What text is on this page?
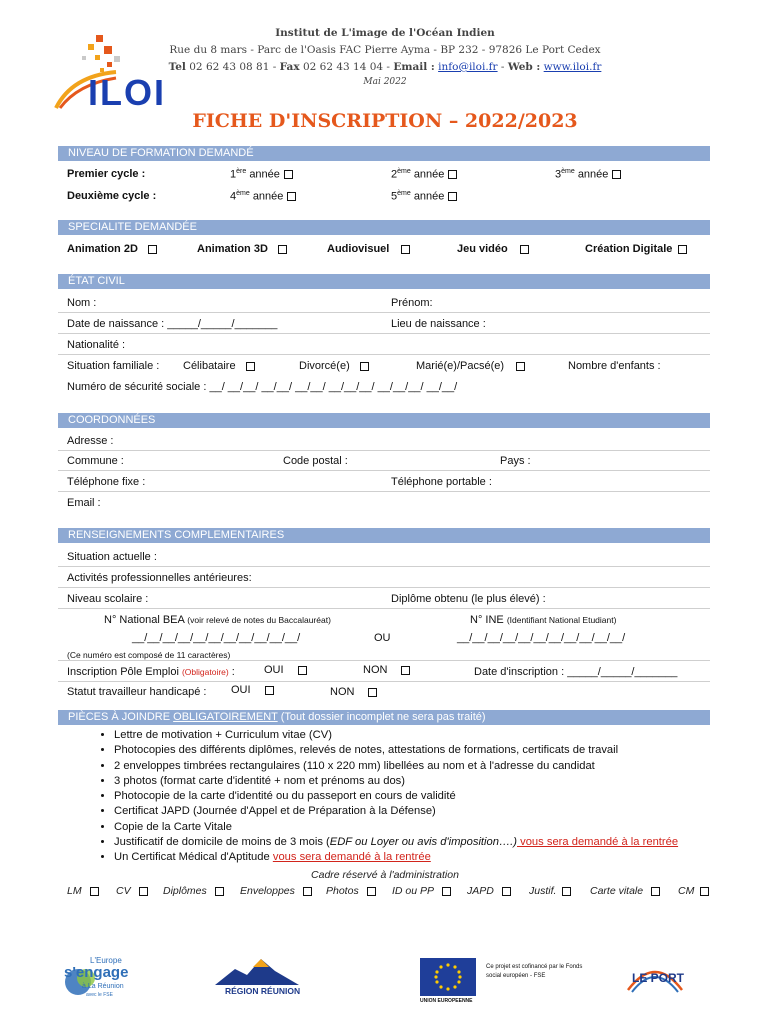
ILOI
Institut de L'image de l'Océan Indien
Rue du 8 mars - Parc de l'Oasis FAC Pierre Ayma - BP 232 - 97826 Le Port Cedex
Tel 02 62 43 08 81 - Fax 02 62 43 14 04 - Email : info@iloi.fr - Web : www.iloi.fr
Mai 2022
FICHE D'INSCRIPTION – 2022/2023
NIVEAU DE FORMATION DEMANDÉ
Premier cycle :	1ère année	2ème année	3ème année
Deuxième cycle :	4ème année	5ème année
SPECIALITE DEMANDÉE
Animation 2D	Animation 3D	Audiovisuel	Jeu vidéo	Création Digitale
ÉTAT CIVIL
Nom :	Prénom:
Date de naissance : _____/_____/_______	Lieu de naissance :
Nationalité :
Situation familiale : Célibataire	Divorcé(e)	Marié(e)/Pacsé(e)	Nombre d'enfants :
Numéro de sécurité sociale : __/ __/__/ __/__/ __/__/ __/__/__/ __/__/__/ __/__/
COORDONNÉES
Adresse :
Commune :	Code postal :	Pays :
Téléphone fixe :	Téléphone portable :
Email :
RENSEIGNEMENTS COMPLEMENTAIRES
Situation actuelle :
Activités professionnelles antérieures:
Niveau scolaire :	Diplôme obtenu (le plus élevé) :
N° National BEA (voir relevé de notes du Baccalauréat)	N° INE (Identifiant National Etudiant)
__/__/__/__/__/__/__/__/__/__/__/	OU	__/__/__/__/__/__/__/__/__/__/__/
(Ce numéro est composé de 11 caractères)
Inscription Pôle Emploi (Obligatoire) :	OUI	NON	Date d'inscription : _____/_____/_______
Statut travailleur handicapé : OUI	NON
PIÈCES À JOINDRE OBLIGATOIREMENT (Tout dossier incomplet ne sera pas traité)
• Lettre de motivation + Curriculum vitae (CV)
• Photocopies des différents diplômes, relevés de notes, attestations de formations, certificats de travail
• 2 enveloppes timbrées rectangulaires (110 x 220 mm) libellées au nom et à l'adresse du candidat
• 3 photos (format carte d'identité + nom et prénoms au dos)
• Photocopie de la carte d'identité ou du passeport en cours de validité
• Certificat JAPD (Journée d'Appel et de Préparation à la Défense)
• Copie de la Carte Vitale
• Justificatif de domicile de moins de 3 mois (EDF ou Loyer ou avis d'imposition….) vous sera demandé à la rentrée
• Un Certificat Médical d'Aptitude vous sera demandé à la rentrée
Cadre réservé à l'administration
LM	CV	Diplômes	Enveloppes	Photos	ID ou PP	JAPD	Justif.	Carte vitale	CM
L'Europe
s'engage
à La Réunion
avec le FSE	RÉGION RÉUNION
UNION EUROPEENNE
Ce projet est cofinancé par le Fonds social européen - FSE	LE PORT
